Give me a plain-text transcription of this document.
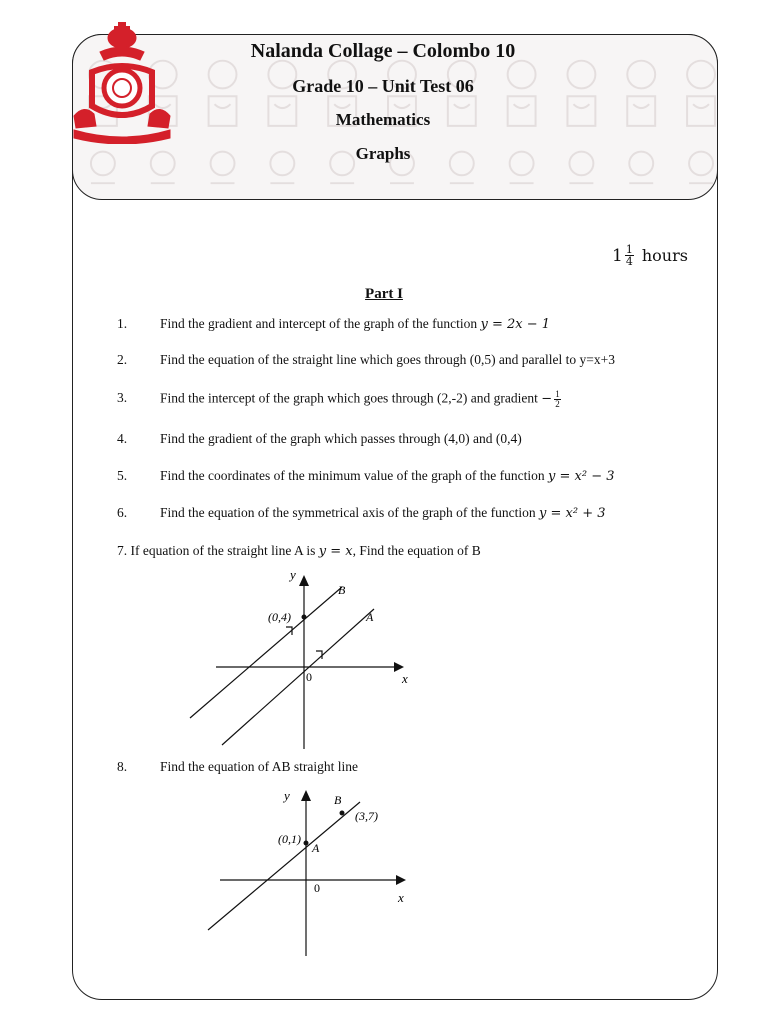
Nalanda Collage – Colombo 10
Grade 10 – Unit Test 06
Mathematics
Graphs
$1 \frac{1}{4}$ hours
Part I
1. Find the gradient and intercept of the graph of the function y = 2x − 1
2. Find the equation of the straight line which goes through (0,5) and parallel to y=x+3
3. Find the intercept of the graph which goes through (2,-2) and gradient − $\frac{1}{2}$
4. Find the gradient of the graph which passes through (4,0) and (0,4)
5. Find the coordinates of the minimum value of the graph of the function y = x² − 3
6. Find the equation of the symmetrical axis of the graph of the function y = x² + 3
7. If equation of the straight line A is y = x, Find the equation of B
y
x
0
(0,4)
B
A
8. Find the equation of AB straight line
y
x
0
(0,1)
A
B
(3,7)
